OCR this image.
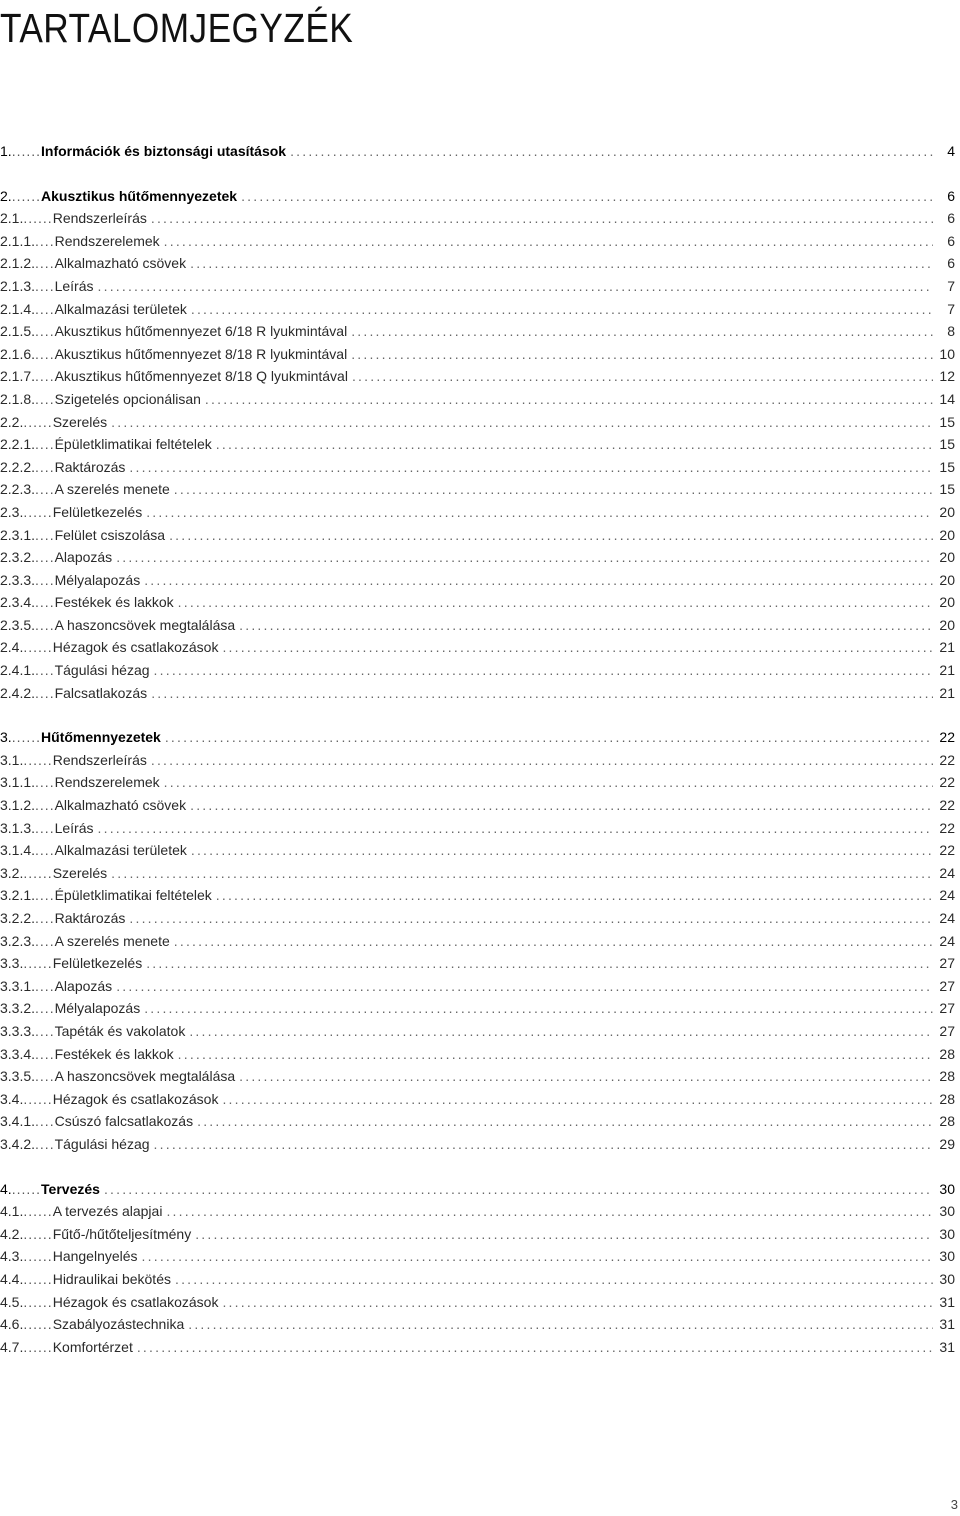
TARTALOMJEGYZÉK
1. ...... Információk és biztonsági utasítások .....	4
2. ...... Akusztikus hűtőmennyezetek .....	6
2.1. ...... Rendszerleírás .....	6
2.1.1. .... Rendszerelemek .....	6
2.1.2. .... Alkalmazható csövek .....	6
2.1.3. .... Leírás .....	7
2.1.4. .... Alkalmazási területek .....	7
2.1.5. .... Akusztikus hűtőmennyezet 6/18 R lyukmintával .....	8
2.1.6. .... Akusztikus hűtőmennyezet 8/18 R lyukmintával .....	10
2.1.7. .... Akusztikus hűtőmennyezet 8/18 Q lyukmintával .....	12
2.1.8. .... Szigetelés opcionálisan .....	14
2.2. ...... Szerelés .....	15
2.2.1. .... Épületklimatikai feltételek .....	15
2.2.2. .... Raktározás .....	15
2.2.3. .... A szerelés menete .....	15
2.3. ...... Felületkezelés .....	20
2.3.1. .... Felület csiszolása .....	20
2.3.2. .... Alapozás .....	20
2.3.3. .... Mélyalapozás .....	20
2.3.4. .... Festékek és lakkok .....	20
2.3.5. .... A haszoncsövek megtalálása .....	20
2.4. ...... Hézagok és csatlakozások .....	21
2.4.1. .... Tágulási hézag .....	21
2.4.2. .... Falcsatlakozás .....	21
3. ...... Hűtőmennyezetek .....	22
3.1. ...... Rendszerleírás .....	22
3.1.1. .... Rendszerelemek .....	22
3.1.2. .... Alkalmazható csövek .....	22
3.1.3. .... Leírás .....	22
3.1.4. .... Alkalmazási területek .....	22
3.2. ...... Szerelés .....	24
3.2.1. .... Épületklimatikai feltételek .....	24
3.2.2. .... Raktározás .....	24
3.2.3. .... A szerelés menete .....	24
3.3. ...... Felületkezelés .....	27
3.3.1. .... Alapozás .....	27
3.3.2. .... Mélyalapozás .....	27
3.3.3. .... Tapéták és vakolatok .....	27
3.3.4. .... Festékek és lakkok .....	28
3.3.5. .... A haszoncsövek megtalálása .....	28
3.4. ...... Hézagok és csatlakozások .....	28
3.4.1. .... Csúszó falcsatlakozás .....	28
3.4.2. .... Tágulási hézag .....	29
4. ...... Tervezés .....	30
4.1. ...... A tervezés alapjai .....	30
4.2. ...... Fűtő-/hűtőteljesítmény .....	30
4.3. ...... Hangelnyelés .....	30
4.4. ...... Hidraulikai bekötés .....	30
4.5. ...... Hézagok és csatlakozások .....	31
4.6. ...... Szabályozástechnika .....	31
4.7. ...... Komfortérzet .....	31
3
